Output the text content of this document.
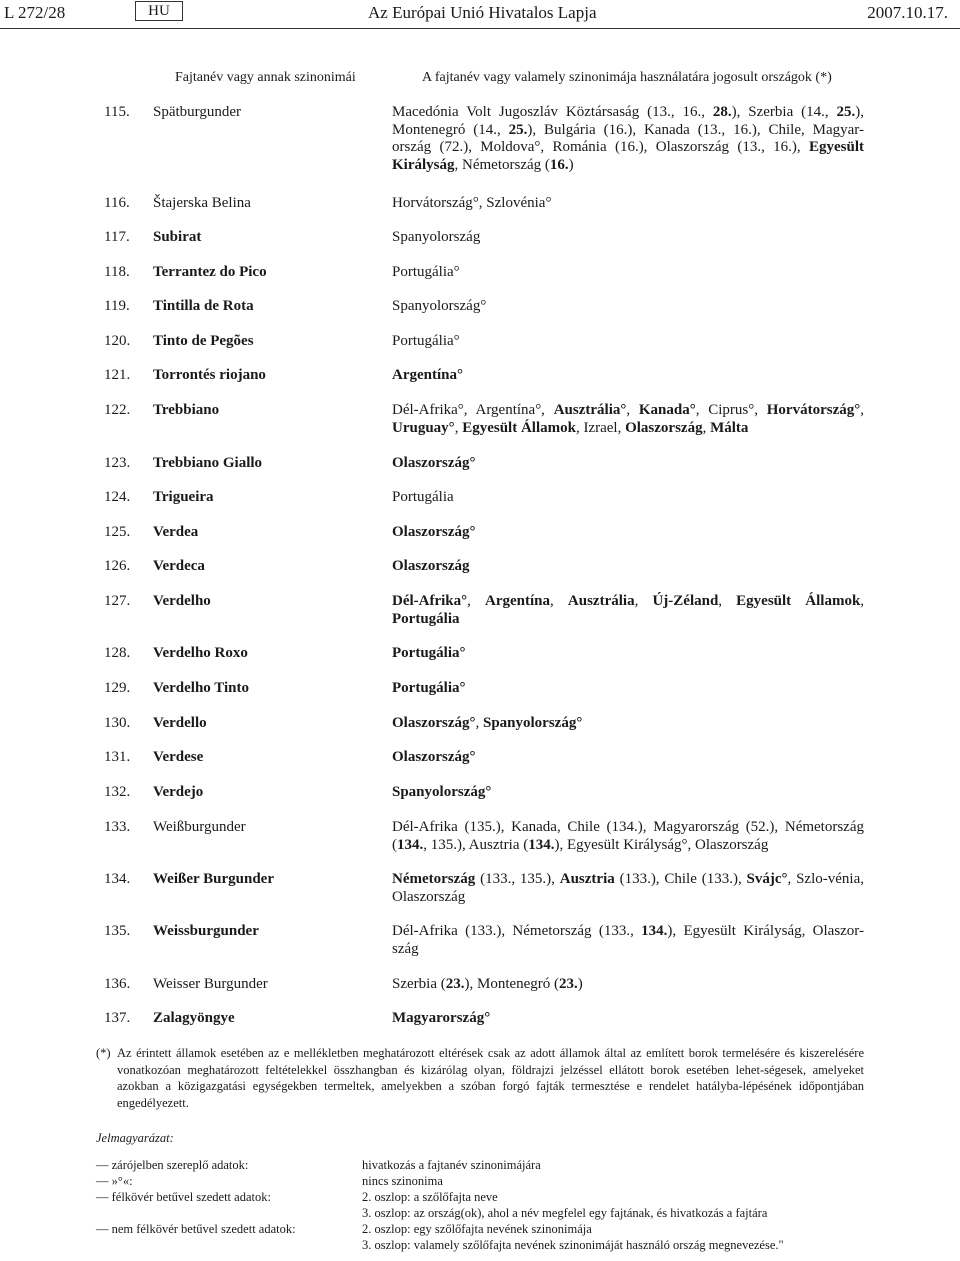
L 272/28	HU	Az Európai Unió Hivatalos Lapja	2007.10.17.
Fajtanév vagy annak szinonimái	A fajtanév vagy valamely szinonimája használatára jogosult országok (*)
115. Spätburgunder	Macedónia Volt Jugoszláv Köztársaság (13., 16., 28.), Szerbia (14., 25.), Montenegró (14., 25.), Bulgária (16.), Kanada (13., 16.), Chile, Magyar-ország (72.), Moldova°, Románia (16.), Olaszország (13., 16.), Egyesült Királyság, Németország (16.)
116. Štajerska Belina	Horvátország°, Szlovénia°
117. Subirat	Spanyolország
118. Terrantez do Pico	Portugália°
119. Tintilla de Rota	Spanyolország°
120. Tinto de Pegões	Portugália°
121. Torrontés riojano	Argentína°
122. Trebbiano	Dél-Afrika°, Argentína°, Ausztrália°, Kanada°, Ciprus°, Horvátország°, Uruguay°, Egyesült Államok, Izrael, Olaszország, Málta
123. Trebbiano Giallo	Olaszország°
124. Trigueira	Portugália
125. Verdea	Olaszország°
126. Verdeca	Olaszország
127. Verdelho	Dél-Afrika°, Argentína, Ausztrália, Új-Zéland, Egyesült Államok, Portugália
128. Verdelho Roxo	Portugália°
129. Verdelho Tinto	Portugália°
130. Verdello	Olaszország°, Spanyolország°
131. Verdese	Olaszország°
132. Verdejo	Spanyolország°
133. Weißburgunder	Dél-Afrika (135.), Kanada, Chile (134.), Magyarország (52.), Németország (134., 135.), Ausztria (134.), Egyesült Királyság°, Olaszország
134. Weißer Burgunder	Németország (133., 135.), Ausztria (133.), Chile (133.), Svájc°, Szlo-vénia, Olaszország
135. Weissburgunder	Dél-Afrika (133.), Németország (133., 134.), Egyesült Királyság, Olaszor-szág
136. Weisser Burgunder	Szerbia (23.), Montenegró (23.)
137. Zalagyöngye	Magyarország°
(*) Az érintett államok esetében az e mellékletben meghatározott eltérések csak az adott államok által az említett borok termelésére és kiszerelésére vonatkozóan meghatározott feltételekkel összhangban és kizárólag olyan, földrajzi jelzéssel ellátott borok esetében lehet-ségesek, amelyeket azokban a közigazgatási egységekben termeltek, amelyekben a szóban forgó fajták termesztése e rendelet hatályba-lépésének időpontjában engedélyezett.
Jelmagyarázat:
— zárójelben szereplő adatok:	hivatkozás a fajtanév szinonimájára
— »°«:	nincs szinonima
— félkövér betűvel szedett adatok:	2. oszlop: a szőlőfajta neve
3. oszlop: az ország(ok), ahol a név megfelel egy fajtának, és hivatkozás a fajtára
— nem félkövér betűvel szedett adatok:	2. oszlop: egy szőlőfajta nevének szinonimája
3. oszlop: valamely szőlőfajta nevének szinonimáját használó ország megnevezése."
